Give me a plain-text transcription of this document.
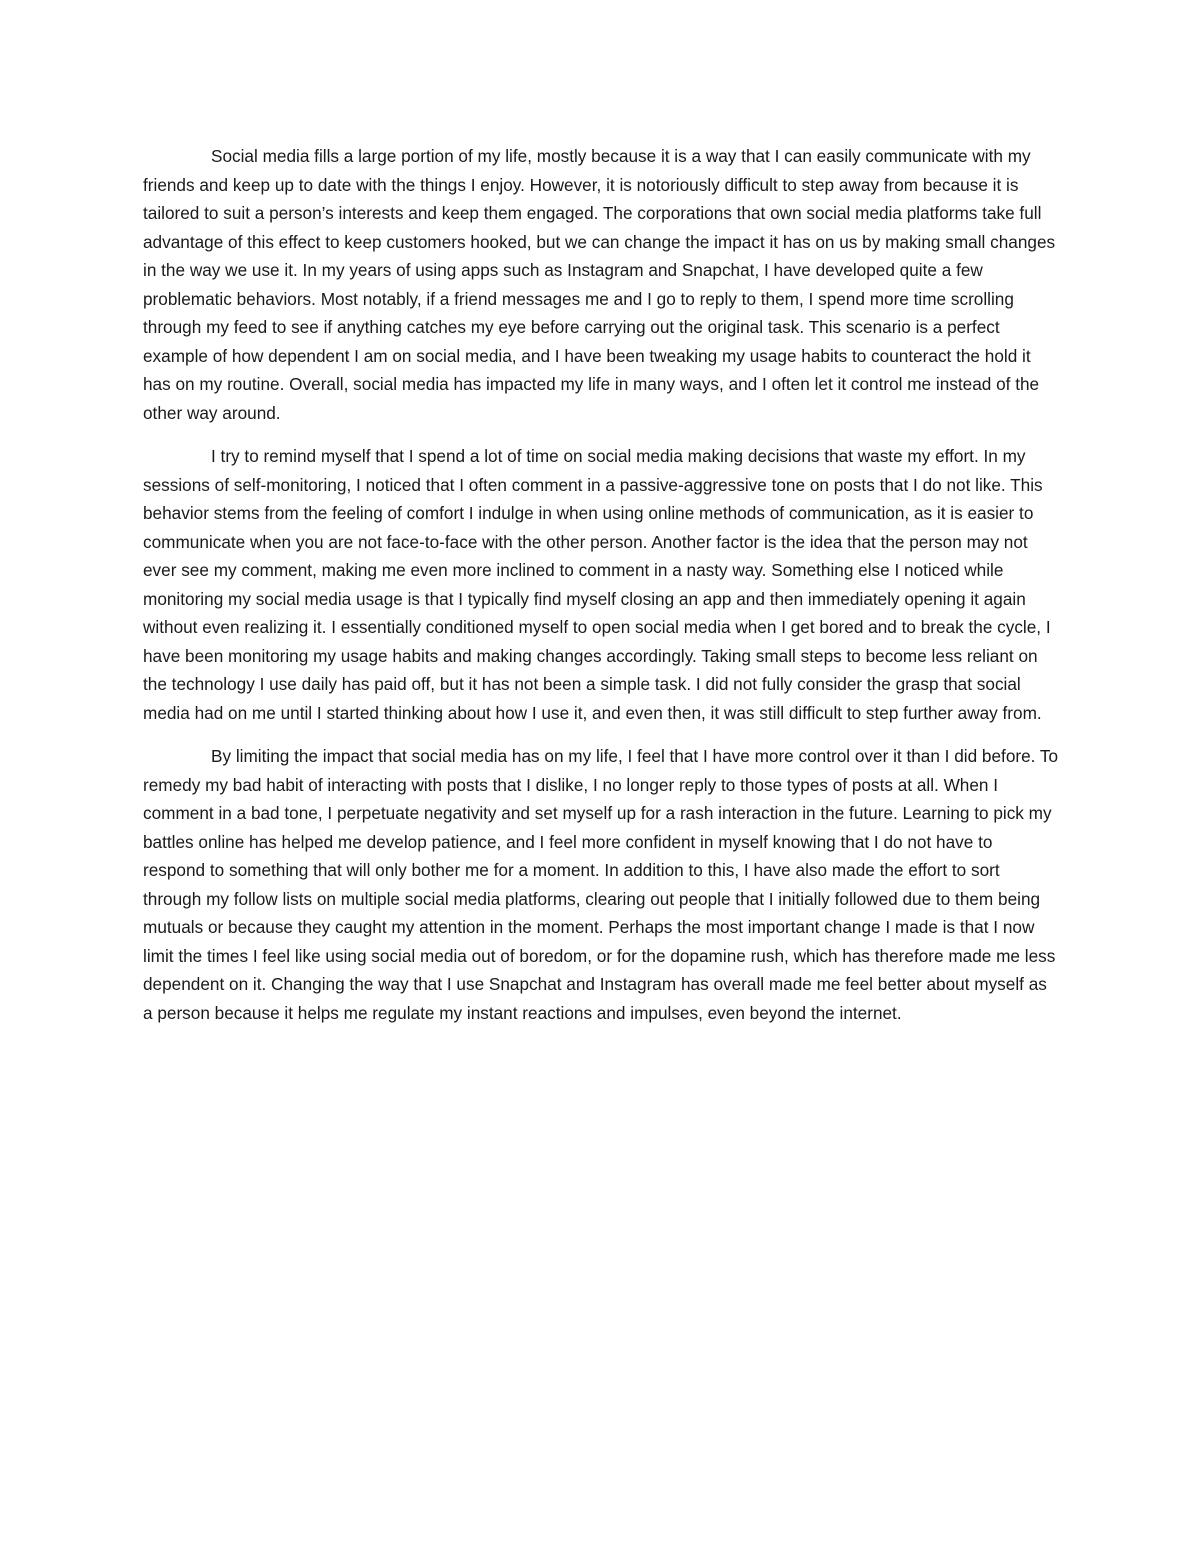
Social media fills a large portion of my life, mostly because it is a way that I can easily communicate with my friends and keep up to date with the things I enjoy. However, it is notoriously difficult to step away from because it is tailored to suit a person’s interests and keep them engaged. The corporations that own social media platforms take full advantage of this effect to keep customers hooked, but we can change the impact it has on us by making small changes in the way we use it. In my years of using apps such as Instagram and Snapchat, I have developed quite a few problematic behaviors. Most notably, if a friend messages me and I go to reply to them, I spend more time scrolling through my feed to see if anything catches my eye before carrying out the original task. This scenario is a perfect example of how dependent I am on social media, and I have been tweaking my usage habits to counteract the hold it has on my routine. Overall, social media has impacted my life in many ways, and I often let it control me instead of the other way around.

I try to remind myself that I spend a lot of time on social media making decisions that waste my effort. In my sessions of self-monitoring, I noticed that I often comment in a passive-aggressive tone on posts that I do not like. This behavior stems from the feeling of comfort I indulge in when using online methods of communication, as it is easier to communicate when you are not face-to-face with the other person. Another factor is the idea that the person may not ever see my comment, making me even more inclined to comment in a nasty way. Something else I noticed while monitoring my social media usage is that I typically find myself closing an app and then immediately opening it again without even realizing it. I essentially conditioned myself to open social media when I get bored and to break the cycle, I have been monitoring my usage habits and making changes accordingly. Taking small steps to become less reliant on the technology I use daily has paid off, but it has not been a simple task. I did not fully consider the grasp that social media had on me until I started thinking about how I use it, and even then, it was still difficult to step further away from.

By limiting the impact that social media has on my life, I feel that I have more control over it than I did before. To remedy my bad habit of interacting with posts that I dislike, I no longer reply to those types of posts at all. When I comment in a bad tone, I perpetuate negativity and set myself up for a rash interaction in the future. Learning to pick my battles online has helped me develop patience, and I feel more confident in myself knowing that I do not have to respond to something that will only bother me for a moment. In addition to this, I have also made the effort to sort through my follow lists on multiple social media platforms, clearing out people that I initially followed due to them being mutuals or because they caught my attention in the moment. Perhaps the most important change I made is that I now limit the times I feel like using social media out of boredom, or for the dopamine rush, which has therefore made me less dependent on it. Changing the way that I use Snapchat and Instagram has overall made me feel better about myself as a person because it helps me regulate my instant reactions and impulses, even beyond the internet.
